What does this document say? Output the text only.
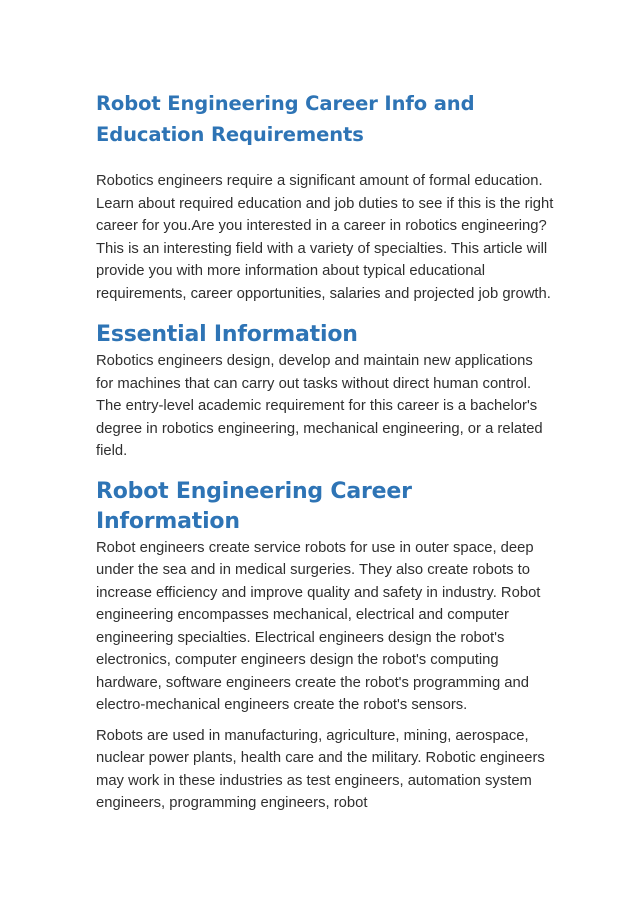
Robot Engineering Career Info and
Education Requirements

Robotics engineers require a significant amount of formal education. Learn about required education and job duties to see if this is the right career for you.Are you interested in a career in robotics engineering? This is an interesting field with a variety of specialties. This article will provide you with more information about typical educational requirements, career opportunities, salaries and projected job growth.

Essential Information

Robotics engineers design, develop and maintain new applications for machines that can carry out tasks without direct human control. The entry-level academic requirement for this career is a bachelor's degree in robotics engineering, mechanical engineering, or a related field.

Robot Engineering Career Information

Robot engineers create service robots for use in outer space, deep under the sea and in medical surgeries. They also create robots to increase efficiency and improve quality and safety in industry. Robot engineering encompasses mechanical, electrical and computer engineering specialties. Electrical engineers design the robot's electronics, computer engineers design the robot's computing hardware, software engineers create the robot's programming and electro-mechanical engineers create the robot's sensors.

Robots are used in manufacturing, agriculture, mining, aerospace, nuclear power plants, health care and the military. Robotic engineers may work in these industries as test engineers, automation system engineers, programming engineers, robot
